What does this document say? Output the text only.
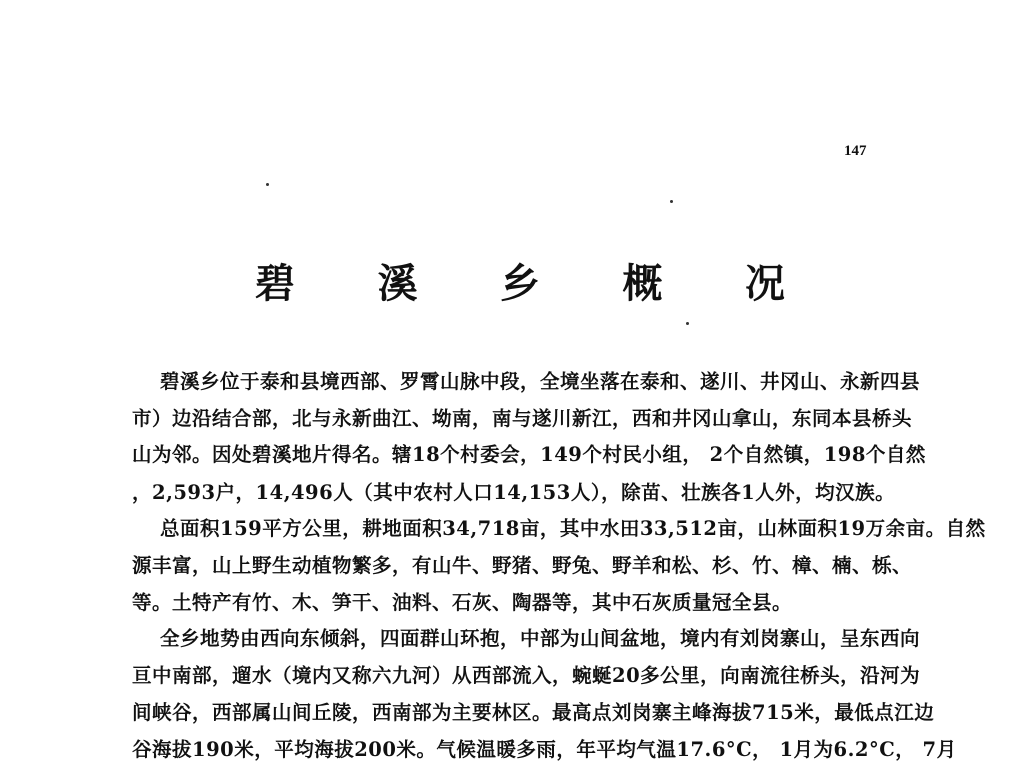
147
碧 溪 乡 概 况
碧溪乡位于泰和县境西部、罗霄山脉中段，全境坐落在泰和、遂川、井冈山、永新四县
市）边沿结合部，北与永新曲江、坳南，南与遂川新江，西和井冈山拿山，东同本县桥头
山为邻。因处碧溪地片得名。辖18个村委会，149个村民小组， 2个自然镇，198个自然
，2,593户，14,496人（其中农村人口14,153人），除苗、壮族各1人外，均汉族。
总面积159平方公里，耕地面积34,718亩，其中水田33,512亩，山林面积19万余亩。自然
源丰富，山上野生动植物繁多，有山牛、野猪、野兔、野羊和松、杉、竹、樟、楠、栎、
等。土特产有竹、木、笋干、油料、石灰、陶器等，其中石灰质量冠全县。
全乡地势由西向东倾斜，四面群山环抱，中部为山间盆地，境内有刘岗寨山，呈东西向
亘中南部，遛水（境内又称六九河）从西部流入，蜿蜒20多公里，向南流往桥头，沿河为
间峡谷，西部属山间丘陵，西南部为主要林区。最高点刘岗寨主峰海拔715米，最低点江边
谷海拔190米，平均海拔200米。气候温暖多雨，年平均气温17.6°C， 1月为6.2°C， 7月
